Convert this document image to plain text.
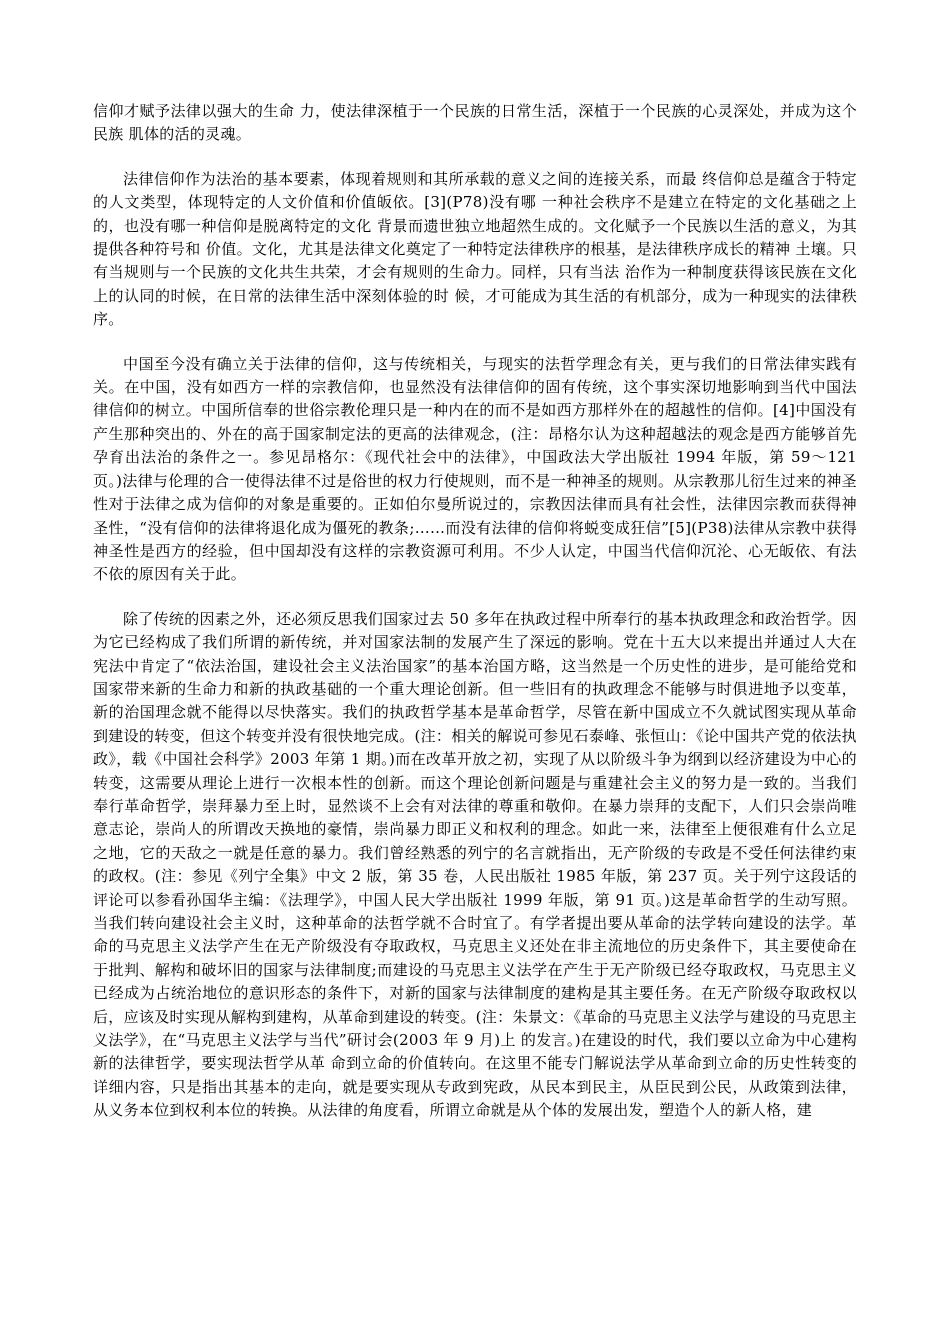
信仰才赋予法律以强大的生命 力，使法律深植于一个民族的日常生活，深植于一个民族的心灵深处，并成为这个民族 肌体的活的灵魂。

法律信仰作为法治的基本要素，体现着规则和其所承载的意义之间的连接关系，而最 终信仰总是蕴含于特定的人文类型，体现特定的人文价值和价值皈依。[3](P78)没有哪 一种社会秩序不是建立在特定的文化基础之上的，也没有哪一种信仰是脱离特定的文化 背景而遗世独立地超然生成的。文化赋予一个民族以生活的意义，为其提供各种符号和 价值。文化，尤其是法律文化奠定了一种特定法律秩序的根基，是法律秩序成长的精神 土壤。只有当规则与一个民族的文化共生共荣，才会有规则的生命力。同样，只有当法 治作为一种制度获得该民族在文化上的认同的时候，在日常的法律生活中深刻体验的时 候，才可能成为其生活的有机部分，成为一种现实的法律秩序。

中国至今没有确立关于法律的信仰，这与传统相关，与现实的法哲学理念有关，更与我们的日常法律实践有关。在中国，没有如西方一样的宗教信仰，也显然没有法律信仰的固有传统，这个事实深切地影响到当代中国法律信仰的树立。中国所信奉的世俗宗教伦理只是一种内在的而不是如西方那样外在的超越性的信仰。[4]中国没有产生那种突出的、外在的高于国家制定法的更高的法律观念，(注：昂格尔认为这种超越法的观念是西方能够首先孕育出法治的条件之一。参见昂格尔：《现代社会中的法律》，中国政法大学出版社 1994 年版，第 59～121 页。)法律与伦理的合一使得法律不过是俗世的权力行使规则，而不是一种神圣的规则。从宗教那儿衍生过来的神圣性对于法律之成为信仰的对象是重要的。正如伯尔曼所说过的，宗教因法律而具有社会性，法律因宗教而获得神圣性，“没有信仰的法律将退化成为僵死的教条;……而没有法律的信仰将蜕变成狂信”[5](P38)法律从宗教中获得神圣性是西方的经验，但中国却没有这样的宗教资源可利用。不少人认定，中国当代信仰沉沦、心无皈依、有法不依的原因有关于此。

除了传统的因素之外，还必须反思我们国家过去 50 多年在执政过程中所奉行的基本执政理念和政治哲学。因为它已经构成了我们所谓的新传统，并对国家法制的发展产生了深远的影响。党在十五大以来提出并通过人大在宪法中肯定了“依法治国，建设社会主义法治国家”的基本治国方略，这当然是一个历史性的进步，是可能给党和国家带来新的生命力和新的执政基础的一个重大理论创新。但一些旧有的执政理念不能够与时俱进地予以变革，新的治国理念就不能得以尽快落实。我们的执政哲学基本是革命哲学，尽管在新中国成立不久就试图实现从革命到建设的转变，但这个转变并没有很快地完成。(注：相关的解说可参见石泰峰、张恒山：《论中国共产党的依法执政》，载《中国社会科学》2003 年第 1 期。)而在改革开放之初，实现了从以阶级斗争为纲到以经济建设为中心的转变，这需要从理论上进行一次根本性的创新。而这个理论创新问题是与重建社会主义的努力是一致的。当我们奉行革命哲学，崇拜暴力至上时，显然谈不上会有对法律的尊重和敬仰。在暴力崇拜的支配下，人们只会崇尚唯意志论，崇尚人的所谓改天换地的豪情，崇尚暴力即正义和权利的理念。如此一来，法律至上便很难有什么立足之地，它的天敌之一就是任意的暴力。我们曾经熟悉的列宁的名言就指出，无产阶级的专政是不受任何法律约束的政权。(注：参见《列宁全集》中文 2 版，第 35 卷，人民出版社 1985 年版，第 237 页。关于列宁这段话的评论可以参看孙国华主编：《法理学》，中国人民大学出版社 1999 年版，第 91 页。)这是革命哲学的生动写照。当我们转向建设社会主义时，这种革命的法哲学就不合时宜了。有学者提出要从革命的法学转向建设的法学。革命的马克思主义法学产生在无产阶级没有夺取政权，马克思主义还处在非主流地位的历史条件下，其主要使命在于批判、解构和破坏旧的国家与法律制度;而建设的马克思主义法学在产生于无产阶级已经夺取政权，马克思主义已经成为占统治地位的意识形态的条件下，对新的国家与法律制度的建构是其主要任务。在无产阶级夺取政权以后，应该及时实现从解构到建构，从革命到建设的转变。(注：朱景文：《革命的马克思主义法学与建设的马克思主义法学》，在“马克思主义法学与当代”研讨会(2003 年 9 月)上 的发言。)在建设的时代，我们要以立命为中心建构新的法律哲学，要实现法哲学从革 命到立命的价值转向。在这里不能专门解说法学从革命到立命的历史性转变的详细内容，只是指出其基本的走向，就是要实现从专政到宪政，从民本到民主，从臣民到公民，从政策到法律，从义务本位到权利本位的转换。从法律的角度看，所谓立命就是从个体的发展出发，塑造个人的新人格，建
